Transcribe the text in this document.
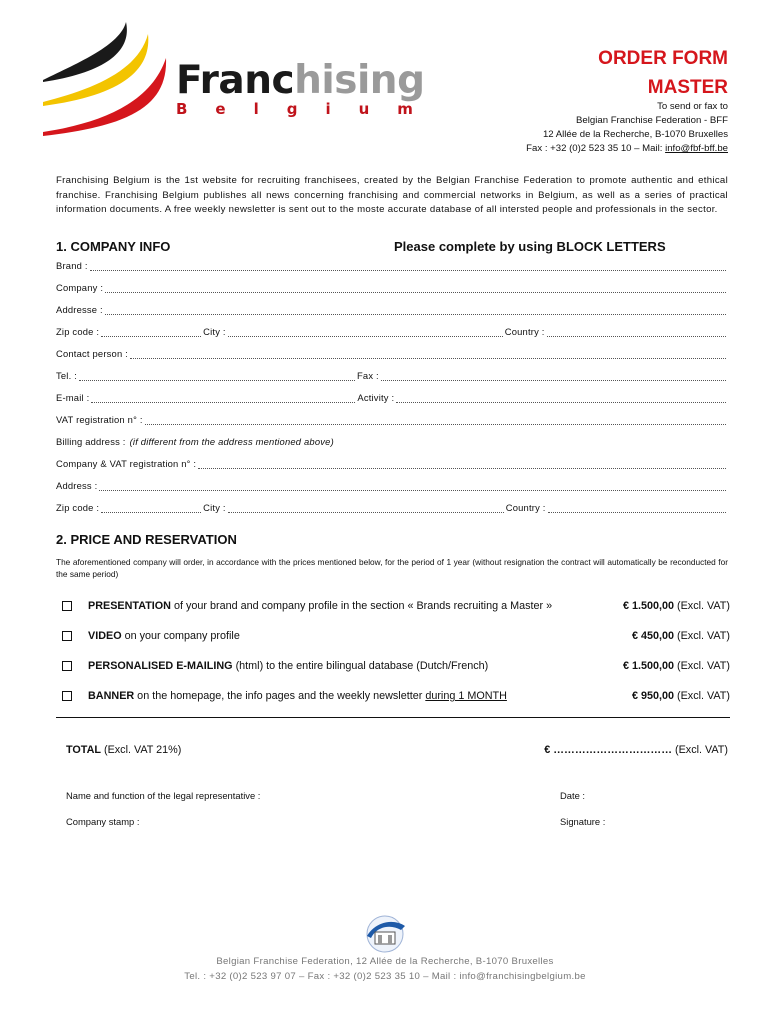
Franchising
Belgium
ORDER FORM
MASTER
To send or fax to
Belgian Franchise Federation - BFF
12 Allée de la Recherche, B-1070 Bruxelles
Fax : +32 (0)2 523 35 10 – Mail: info@fbf-bff.be
Franchising Belgium is the 1st website for recruiting franchisees, created by the Belgian Franchise Federation to promote authentic and ethical franchise. Franchising Belgium publishes all news concerning franchising and commercial networks in Belgium, as well as a series of practical information documents. A free weekly newsletter is sent out to the moste accurate database of all intersted people and professionals in the sector.
1. COMPANY INFO	Please complete by using BLOCK LETTERS
Brand :
Company :
Addresse :
Zip code :	City :	Country :
Contact person :
Tel. :	Fax :
E-mail :	Activity :
VAT registration n° :
Billing address : (if different from the address mentioned above)
Company & VAT registration n° :
Address :
Zip code :	City :	Country :
2. PRICE AND RESERVATION
The aforementioned company will order, in accordance with the prices mentioned below, for the period of 1 year (without resignation the contract will automatically be reconducted for the same period)
PRESENTATION of your brand and company profile in the section « Brands recruiting a Master »	€ 1.500,00 (Excl. VAT)
VIDEO on your company profile	€ 450,00 (Excl. VAT)
PERSONALISED E-MAILING (html) to the entire bilingual database (Dutch/French)	€ 1.500,00 (Excl. VAT)
BANNER on the homepage, the info pages and the weekly newsletter during 1 MONTH	€ 950,00 (Excl. VAT)
TOTAL (Excl. VAT 21%)	€ …………………………… (Excl. VAT)
Name and function of the legal representative :	Date :
Company stamp :	Signature :
Belgian Franchise Federation, 12 Allée de la Recherche, B-1070 Bruxelles
Tel. : +32 (0)2 523 97 07 – Fax : +32 (0)2 523 35 10 – Mail : info@franchisingbelgium.be
